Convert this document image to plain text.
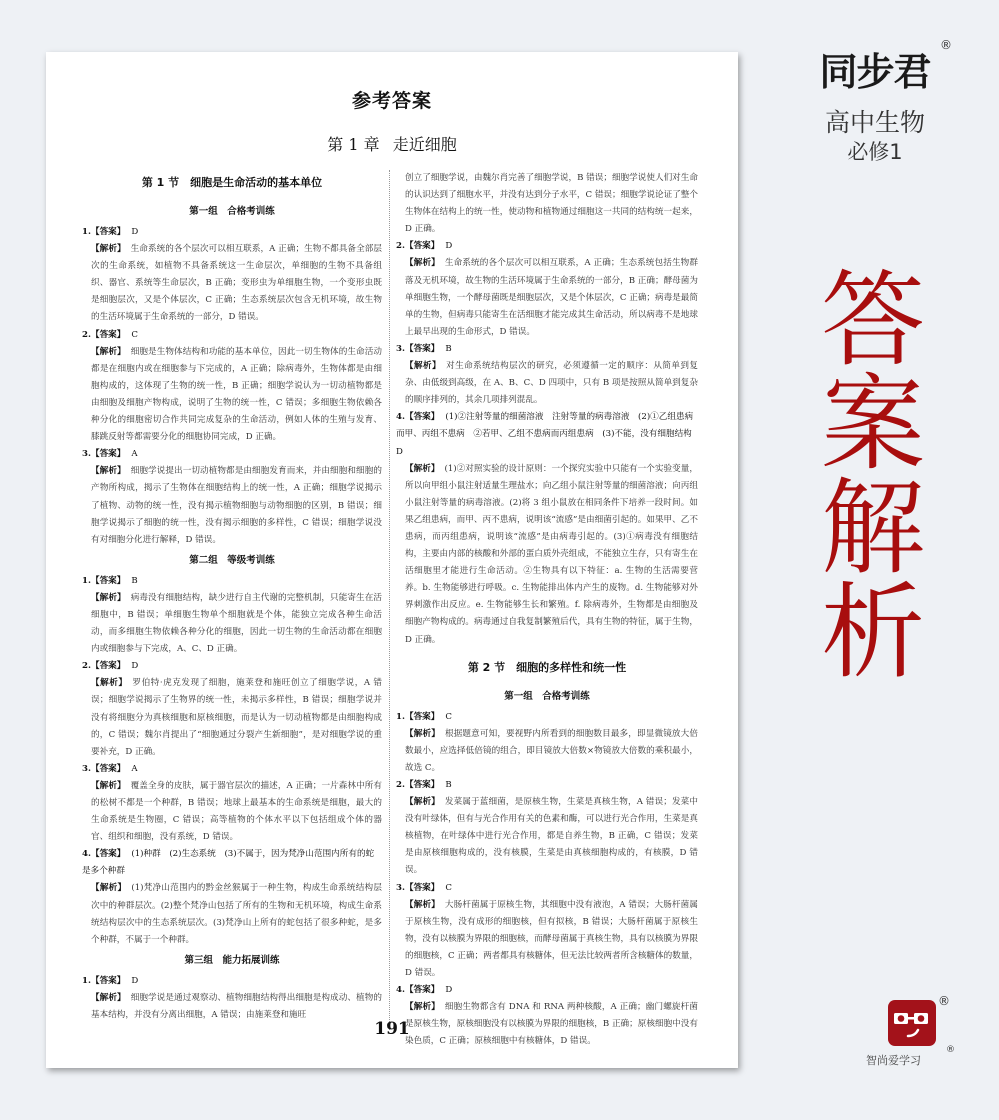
参考答案
第 1 章 走近细胞
第 1 节　细胞是生命活动的基本单位
第一组　合格考训练
1.【答案】 D
【解析】 生命系统的各个层次可以相互联系，A 正确；生物不都具备全部层次的生命系统，如植物不具备系统这一生命层次，单细胞的生物不具备组织、器官、系统等生命层次，B 正确；变形虫为单细胞生物，一个变形虫既是细胞层次，又是个体层次，C 正确；生态系统层次包含无机环境，故生物的生活环境属于生命系统的一部分，D 错误。
2.【答案】 C
【解析】 细胞是生物体结构和功能的基本单位，因此一切生物体的生命活动都是在细胞内或在细胞参与下完成的，A 正确；除病毒外，生物体都是由细胞构成的，这体现了生物的统一性，B 正确；细胞学说认为一切动植物都是由细胞及细胞产物构成，说明了生物的统一性，C 错误；多细胞生物依赖各种分化的细胞密切合作共同完成复杂的生命活动，例如人体的生殖与发育、膝跳反射等都需要分化的细胞协同完成，D 正确。
3.【答案】 A
【解析】 细胞学说提出一切动植物都是由细胞发育而来，并由细胞和细胞的产物所构成，揭示了生物体在细胞结构上的统一性，A 正确；细胞学说揭示了植物、动物的统一性，没有揭示植物细胞与动物细胞的区别，B 错误；细胞学说揭示了细胞的统一性，没有揭示细胞的多样性，C 错误；细胞学说没有对细胞分化进行解释，D 错误。
第二组　等级考训练
1.【答案】 B
【解析】 病毒没有细胞结构，缺少进行自主代谢的完整机制，只能寄生在活细胞中，B 错误；单细胞生物单个细胞就是个体，能独立完成各种生命活动，而多细胞生物依赖各种分化的细胞，因此一切生物的生命活动都在细胞内或细胞参与下完成，A、C、D 正确。
2.【答案】 D
【解析】 罗伯特·虎克发现了细胞，施莱登和施旺创立了细胞学说，A 错误；细胞学说揭示了生物界的统一性，未揭示多样性，B 错误；细胞学说并没有将细胞分为真核细胞和原核细胞，而是认为一切动植物都是由细胞构成的，C 错误；魏尔肖提出了“细胞通过分裂产生新细胞”，是对细胞学说的重要补充，D 正确。
3.【答案】 A
【解析】 覆盖全身的皮肤，属于器官层次的描述，A 正确；一片森林中所有的松树不都是一个种群，B 错误；地球上最基本的生命系统是细胞，最大的生命系统是生物圈，C 错误；高等植物的个体水平以下包括组成个体的器官、组织和细胞，没有系统，D 错误。
4.【答案】 (1)种群　(2)生态系统　(3)不属于，因为梵净山范围内所有的蛇是多个种群
【解析】 (1)梵净山范围内的黔金丝猴属于一种生物，构成生命系统结构层次中的种群层次。(2)整个梵净山包括了所有的生物和无机环境，构成生命系统结构层次中的生态系统层次。(3)梵净山上所有的蛇包括了很多种蛇，是多个种群，不属于一个种群。
第三组　能力拓展训练
1.【答案】 D
【解析】 细胞学说是通过观察动、植物细胞结构得出细胞是构成动、植物的基本结构，并没有分离出细胞，A 错误；由施莱登和施旺
创立了细胞学说，由魏尔肖完善了细胞学说，B 错误；细胞学说使人们对生命的认识达到了细胞水平，并没有达到分子水平，C 错误；细胞学说论证了整个生物体在结构上的统一性，使动物和植物通过细胞这一共同的结构统一起来，D 正确。
2.【答案】 D
【解析】 生命系统的各个层次可以相互联系，A 正确；生态系统包括生物群落及无机环境，故生物的生活环境属于生命系统的一部分，B 正确；酵母菌为单细胞生物，一个酵母菌既是细胞层次，又是个体层次，C 正确；病毒是最简单的生物，但病毒只能寄生在活细胞才能完成其生命活动，所以病毒不是地球上最早出现的生命形式，D 错误。
3.【答案】 B
【解析】 对生命系统结构层次的研究，必须遵循一定的顺序：从简单到复杂、由低级到高级，在 A、B、C、D 四项中，只有 B 项是按照从简单到复杂的顺序排列的，其余几项排列混乱。
4.【答案】 (1)②注射等量的细菌溶液　注射等量的病毒溶液　(2)①乙组患病而甲、丙组不患病　②若甲、乙组不患病而丙组患病　(3)不能，没有细胞结构　D
【解析】 (1)②对照实验的设计原则：一个探究实验中只能有一个实验变量，所以向甲组小鼠注射适量生理盐水；向乙组小鼠注射等量的细菌溶液；向丙组小鼠注射等量的病毒溶液。(2)将 3 组小鼠放在相同条件下培养一段时间。如果乙组患病，而甲、丙不患病，说明该“流感”是由细菌引起的。如果甲、乙不患病，而丙组患病，说明该“流感”是由病毒引起的。(3)①病毒没有细胞结构，主要由内部的核酸和外部的蛋白质外壳组成，不能独立生存，只有寄生在活细胞里才能进行生命活动。②生物具有以下特征：a. 生物的生活需要营养。b. 生物能够进行呼吸。c. 生物能排出体内产生的废物。d. 生物能够对外界刺激作出反应。e. 生物能够生长和繁殖。f. 除病毒外，生物都是由细胞及细胞产物构成的。病毒通过自我复制繁殖后代，具有生物的特征，属于生物，D 正确。
第 2 节　细胞的多样性和统一性
第一组　合格考训练
1.【答案】 C
【解析】 根据题意可知，要视野内所看到的细胞数目最多，即显微镜放大倍数最小，应选择低倍镜的组合，即目镜放大倍数×物镜放大倍数的乘积最小，故选 C。
2.【答案】 B
【解析】 发菜属于蓝细菌，是原核生物，生菜是真核生物，A 错误；发菜中没有叶绿体，但有与光合作用有关的色素和酶，可以进行光合作用，生菜是真核植物，在叶绿体中进行光合作用，都是自养生物，B 正确，C 错误；发菜是由原核细胞构成的，没有核膜，生菜是由真核细胞构成的，有核膜，D 错误。
3.【答案】 C
【解析】 大肠杆菌属于原核生物，其细胞中没有液泡，A 错误；大肠杆菌属于原核生物，没有成形的细胞核，但有拟核，B 错误；大肠杆菌属于原核生物，没有以核膜为界限的细胞核，而酵母菌属于真核生物，具有以核膜为界限的细胞核，C 正确；两者都具有核糖体，但无法比较两者所含核糖体的数量，D 错误。
4.【答案】 D
【解析】 细胞生物都含有 DNA 和 RNA 两种核酸，A 正确；幽门螺旋杆菌是原核生物，原核细胞没有以核膜为界限的细胞核，B 正确；原核细胞中没有染色质，C 正确；原核细胞中有核糖体，D 错误。
191
同步君
®
高中生物
必修1
答
案
解
析
®
智尚爱学习
®
